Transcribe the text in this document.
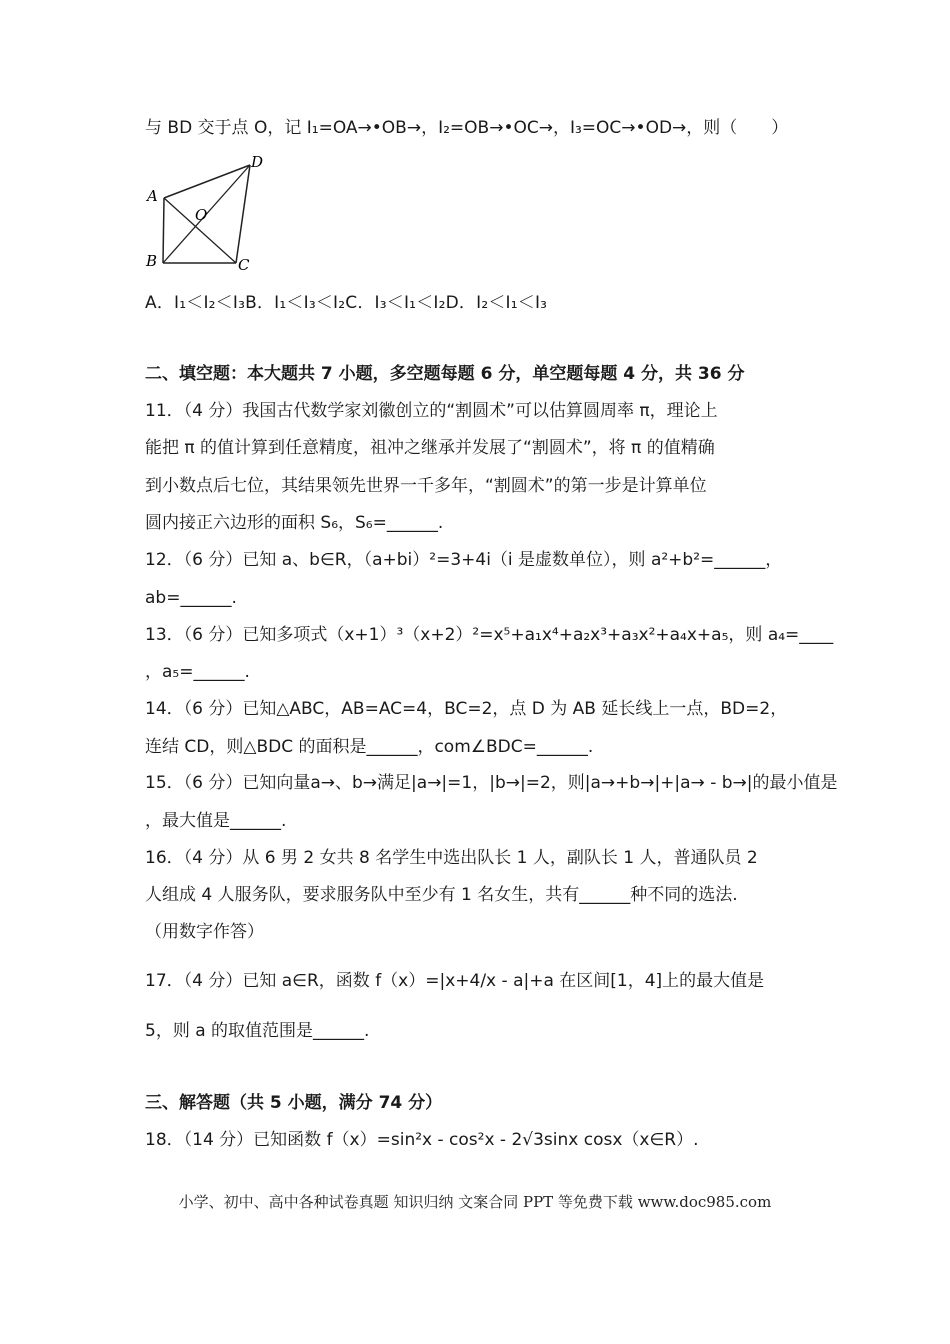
与 BD 交于点 O，记 I₁=OA→•OB→，I₂=OB→•OC→，I₃=OC→•OD→，则（　　）
A
B	C
D
O
A．I₁＜I₂＜I₃B．I₁＜I₃＜I₂C．I₃＜I₁＜I₂D．I₂＜I₁＜I₃
二、填空题：本大题共 7 小题，多空题每题 6 分，单空题每题 4 分，共 36 分
11．（4 分）我国古代数学家刘徽创立的“割圆术”可以估算圆周率 π，理论上
能把 π 的值计算到任意精度，祖冲之继承并发展了“割圆术”，将 π 的值精确
到小数点后七位，其结果领先世界一千多年，“割圆术”的第一步是计算单位
圆内接正六边形的面积 S₆，S₆=______.
12．（6 分）已知 a、b∈R，（a+bi）²=3+4i（i 是虚数单位），则 a²+b²=______，
ab=______.
13．（6 分）已知多项式（x+1）³（x+2）²=x⁵+a₁x⁴+a₂x³+a₃x²+a₄x+a₅，则 a₄=____
，a₅=______.
14．（6 分）已知△ABC，AB=AC=4，BC=2，点 D 为 AB 延长线上一点，BD=2，
连结 CD，则△BDC 的面积是______，com∠BDC=______.
15．（6 分）已知向量a→、b→满足|a→|=1，|b→|=2，则|a→+b→|+|a→ - b→|的最小值是
，最大值是______.
16．（4 分）从 6 男 2 女共 8 名学生中选出队长 1 人，副队长 1 人，普通队员 2
人组成 4 人服务队，要求服务队中至少有 1 名女生，共有______种不同的选法.
（用数字作答）
17．（4 分）已知 a∈R，函数 f（x）=|x+4/x - a|+a 在区间[1，4]上的最大值是
5，则 a 的取值范围是______.
三、解答题（共 5 小题，满分 74 分）
18．（14 分）已知函数 f（x）=sin²x - cos²x - 2√3sinx cosx（x∈R）.
小学、初中、高中各种试卷真题 知识归纳 文案合同 PPT 等免费下载 www.doc985.com
